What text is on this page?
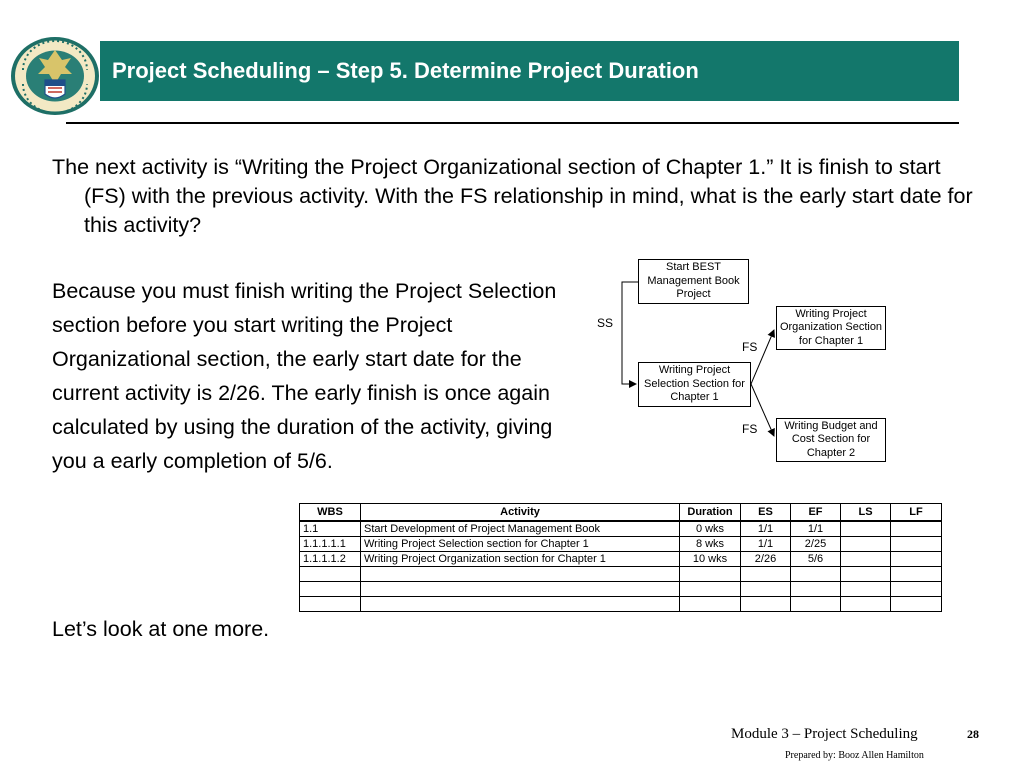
Project Scheduling – Step 5. Determine Project Duration
The next activity is “Writing the Project Organizational section of Chapter 1.” It is finish to start (FS) with the previous activity. With the FS relationship in mind, what is the early start date for this activity?
Because you must finish writing the Project Selection section before you start writing the Project Organizational section, the early start date for the current activity is 2/26. The early finish is once again calculated by using the duration of the activity, giving you a early completion of 5/6.
Let’s look at one more.
Start BEST Management Book Project
Writing Project Selection Section for Chapter 1
Writing Project Organization Section for Chapter 1
Writing Budget and Cost Section for Chapter 2
SS
FS
FS
WBS	Activity	Duration	ES	EF	LS	LF
1.1	Start Development of Project Management Book	0 wks	1/1	1/1		
1.1.1.1.1	Writing Project Selection section for Chapter 1	8 wks	1/1	2/25		
1.1.1.1.2	Writing Project Organization section for Chapter 1	10 wks	2/26	5/6		

Module 3 – Project Scheduling	28
Prepared by: Booz Allen Hamilton
